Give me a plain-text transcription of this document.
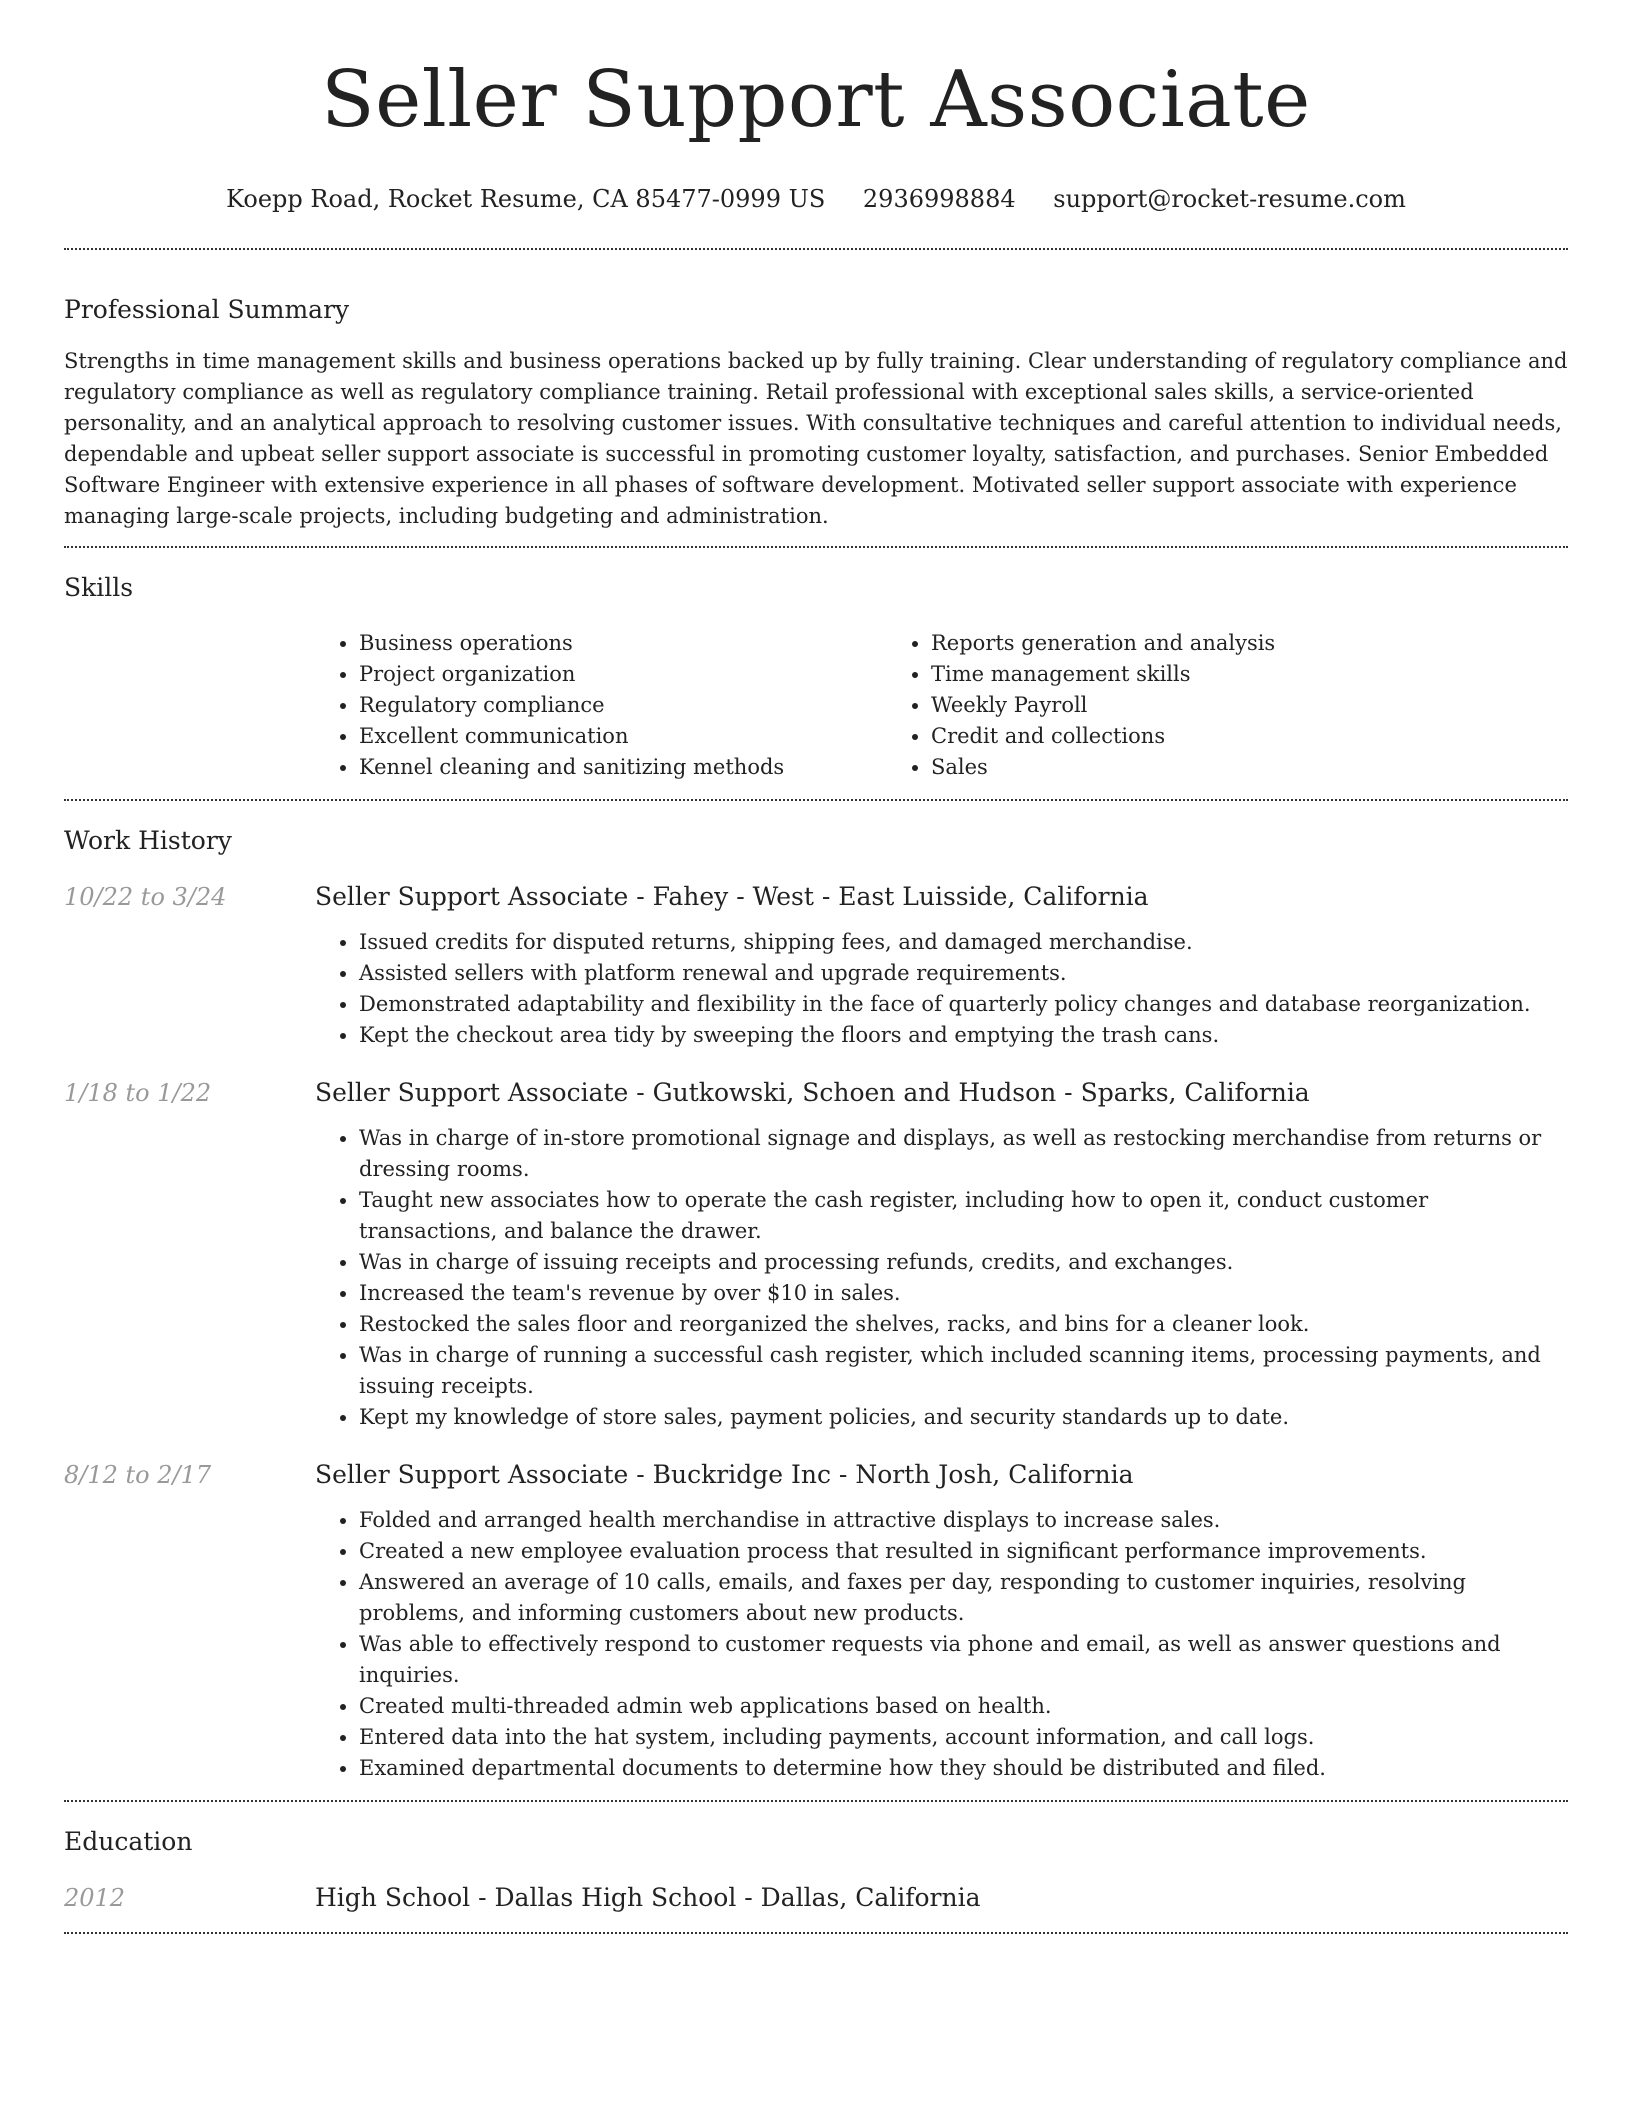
Seller Support Associate
Koepp Road, Rocket Resume, CA 85477-0999 US 2936998884 support@rocket-resume.com
Professional Summary

Strengths in time management skills and business operations backed up by fully training. Clear understanding of regulatory compliance and regulatory compliance as well as regulatory compliance training. Retail professional with exceptional sales skills, a service-oriented personality, and an analytical approach to resolving customer issues. With consultative techniques and careful attention to individual needs, dependable and upbeat seller support associate is successful in promoting customer loyalty, satisfaction, and purchases. Senior Embedded Software Engineer with extensive experience in all phases of software development. Motivated seller support associate with experience managing large-scale projects, including budgeting and administration.

Skills
• Business operations
• Project organization
• Regulatory compliance
• Excellent communication
• Kennel cleaning and sanitizing methods
• Reports generation and analysis
• Time management skills
• Weekly Payroll
• Credit and collections
• Sales
Work History
10/22 to 3/24	Seller Support Associate - Fahey - West - East Luisside, California
• Issued credits for disputed returns, shipping fees, and damaged merchandise.
• Assisted sellers with platform renewal and upgrade requirements.
• Demonstrated adaptability and flexibility in the face of quarterly policy changes and database reorganization.
• Kept the checkout area tidy by sweeping the floors and emptying the trash cans.
1/18 to 1/22	Seller Support Associate - Gutkowski, Schoen and Hudson - Sparks, California
• Was in charge of in-store promotional signage and displays, as well as restocking merchandise from returns or dressing rooms.
• Taught new associates how to operate the cash register, including how to open it, conduct customer transactions, and balance the drawer.
• Was in charge of issuing receipts and processing refunds, credits, and exchanges.
• Increased the team's revenue by over $10 in sales.
• Restocked the sales floor and reorganized the shelves, racks, and bins for a cleaner look.
• Was in charge of running a successful cash register, which included scanning items, processing payments, and issuing receipts.
• Kept my knowledge of store sales, payment policies, and security standards up to date.
8/12 to 2/17	Seller Support Associate - Buckridge Inc - North Josh, California
• Folded and arranged health merchandise in attractive displays to increase sales.
• Created a new employee evaluation process that resulted in significant performance improvements.
• Answered an average of 10 calls, emails, and faxes per day, responding to customer inquiries, resolving problems, and informing customers about new products.
• Was able to effectively respond to customer requests via phone and email, as well as answer questions and inquiries.
• Created multi-threaded admin web applications based on health.
• Entered data into the hat system, including payments, account information, and call logs.
• Examined departmental documents to determine how they should be distributed and filed.
Education
2012	High School - Dallas High School - Dallas, California
